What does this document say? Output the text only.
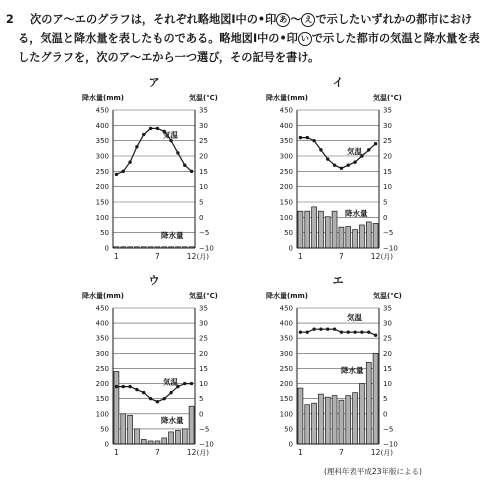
2 次のア～エのグラフは，それぞれ略地図Ⅰ中の•印 あ ～ え で示したいずれかの都市におけ
る，気温と降水量を表したものである。略地図Ⅰ中の•印 い で示した都市の気温と降水量を表
したグラフを，次のア～エから一つ選び，その記号を書け。
ア
降水量(mm)	気温(℃)
450	35
400	30
350	25
300	20
250	15
200	10
150	5
100	0
50	−5
0	−10
1	7	12 (月)
気温
降水量
イ
降水量(mm)	気温(℃)
450	35
400	30
350	25
300	20
250	15
200	10
150	5
100	0
50	−5
0	−10
1	7	12 (月)
気温
降水量
ウ
降水量(mm)	気温(℃)
450	35
400	30
350	25
300	20
250	15
200	10
150	5
100	0
50	−5
0	−10
1	7	12 (月)
気温
降水量
エ
降水量(mm)	気温(℃)
450	35
400	30
350	25
300	20
250	15
200	10
150	5
100	0
50	−5
0	−10
1	7	12 (月)
気温
降水量
(理科年表平成23年版による)
